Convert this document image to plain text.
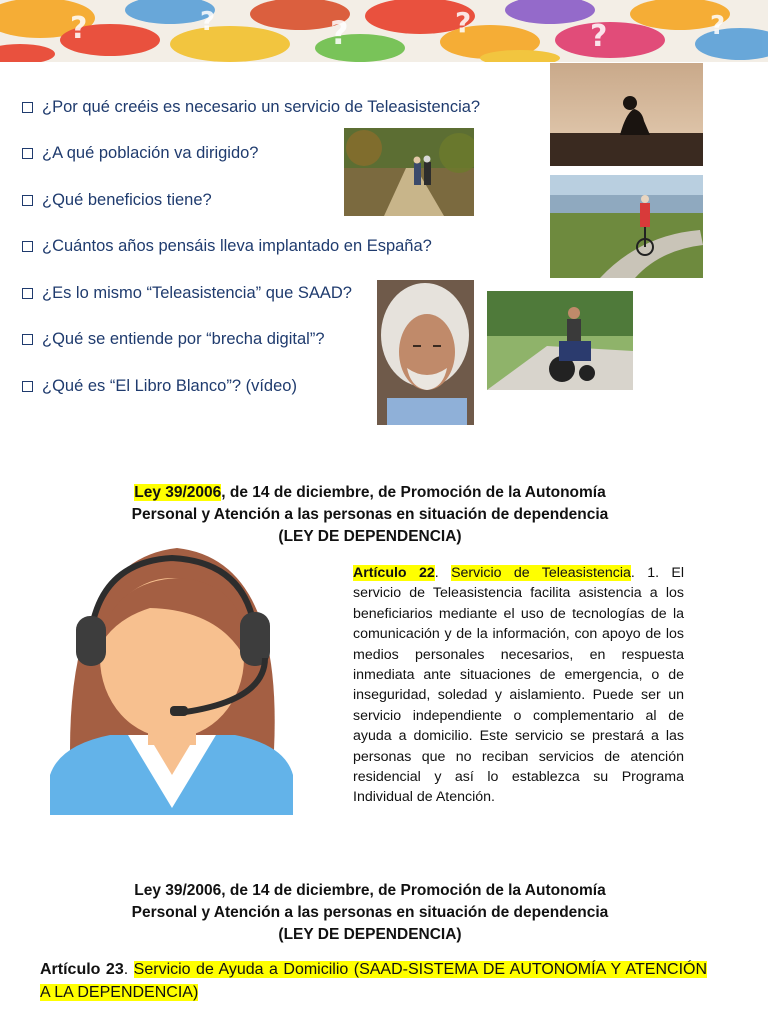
?	?	?	?	?	?
¿Por qué creéis es necesario un servicio de Teleasistencia?
¿A qué población va dirigido?
¿Qué beneficios tiene?
¿Cuántos años pensáis lleva implantado en España?
¿Es lo mismo “Teleasistencia” que SAAD?
¿Qué se entiende por “brecha digital”?
¿Qué es “El Libro Blanco”? (vídeo)
Ley 39/2006, de 14 de diciembre, de Promoción de la Autonomía
Personal y Atención a las personas en situación de dependencia
(LEY DE DEPENDENCIA)
Artículo 22. Servicio de Teleasistencia. 1. El servicio de Teleasistencia facilita asistencia a los beneficiarios mediante el uso de tecnologías de la comunicación y de la información, con apoyo de los medios personales necesarios, en respuesta inmediata ante situaciones de emergencia, o de inseguridad, soledad y aislamiento. Puede ser un servicio independiente o complementario al de ayuda a domicilio. Este servicio se prestará a las personas que no reciban servicios de atención residencial y así lo establezca su Programa Individual de Atención.
Ley 39/2006, de 14 de diciembre, de Promoción de la Autonomía
Personal y Atención a las personas en situación de dependencia
(LEY DE DEPENDENCIA)
Artículo 23. Servicio de Ayuda a Domicilio (SAAD-SISTEMA DE AUTONOMÍA Y ATENCIÓN A LA DEPENDENCIA)
